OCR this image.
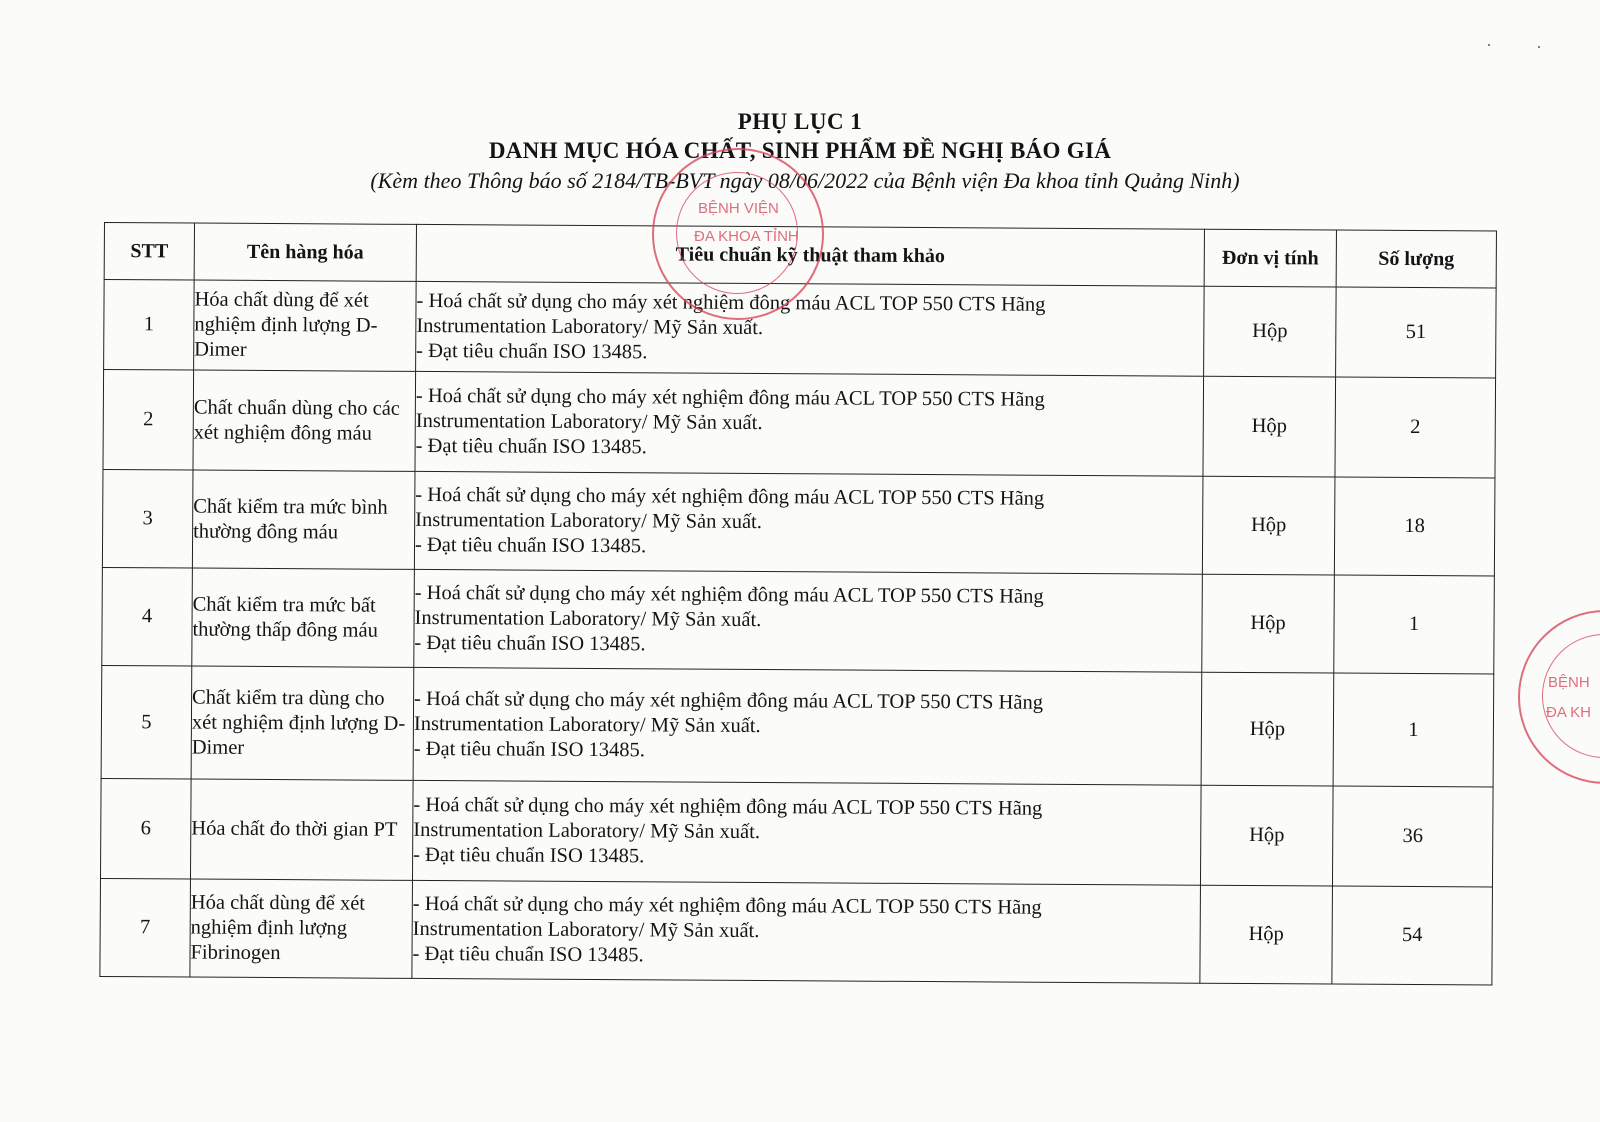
PHỤ LỤC 1
DANH MỤC HÓA CHẤT, SINH PHẨM ĐỀ NGHỊ BÁO GIÁ
(Kèm theo Thông báo số 2184/TB-BVT ngày 08/06/2022 của Bệnh viện Đa khoa tỉnh Quảng Ninh)
STT	Tên hàng hóa	Tiêu chuẩn kỹ thuật tham khảo	Đơn vị tính	Số lượng
1	Hóa chất dùng để xét nghiệm định lượng D-Dimer	- Hoá chất sử dụng cho máy xét nghiệm đông máu ACL TOP 550 CTS Hãng
Instrumentation Laboratory/ Mỹ Sản xuất.
- Đạt tiêu chuẩn ISO 13485.	Hộp	51
2	Chất chuẩn dùng cho các xét nghiệm đông máu	- Hoá chất sử dụng cho máy xét nghiệm đông máu ACL TOP 550 CTS Hãng
Instrumentation Laboratory/ Mỹ Sản xuất.
- Đạt tiêu chuẩn ISO 13485.	Hộp	2
3	Chất kiểm tra mức bình thường đông máu	- Hoá chất sử dụng cho máy xét nghiệm đông máu ACL TOP 550 CTS Hãng
Instrumentation Laboratory/ Mỹ Sản xuất.
- Đạt tiêu chuẩn ISO 13485.	Hộp	18
4	Chất kiểm tra mức bất thường thấp đông máu	- Hoá chất sử dụng cho máy xét nghiệm đông máu ACL TOP 550 CTS Hãng
Instrumentation Laboratory/ Mỹ Sản xuất.
- Đạt tiêu chuẩn ISO 13485.	Hộp	1
5	Chất kiểm tra dùng cho xét nghiệm định lượng D-Dimer	- Hoá chất sử dụng cho máy xét nghiệm đông máu ACL TOP 550 CTS Hãng
Instrumentation Laboratory/ Mỹ Sản xuất.
- Đạt tiêu chuẩn ISO 13485.	Hộp	1
6	Hóa chất đo thời gian PT	- Hoá chất sử dụng cho máy xét nghiệm đông máu ACL TOP 550 CTS Hãng
Instrumentation Laboratory/ Mỹ Sản xuất.
- Đạt tiêu chuẩn ISO 13485.	Hộp	36
7	Hóa chất dùng để xét nghiệm định lượng Fibrinogen	- Hoá chất sử dụng cho máy xét nghiệm đông máu ACL TOP 550 CTS Hãng
Instrumentation Laboratory/ Mỹ Sản xuất.
- Đạt tiêu chuẩn ISO 13485.	Hộp	54
BỆNH VIỆN
ĐA KHOA TỈNH
BỆNH
ĐA KH
